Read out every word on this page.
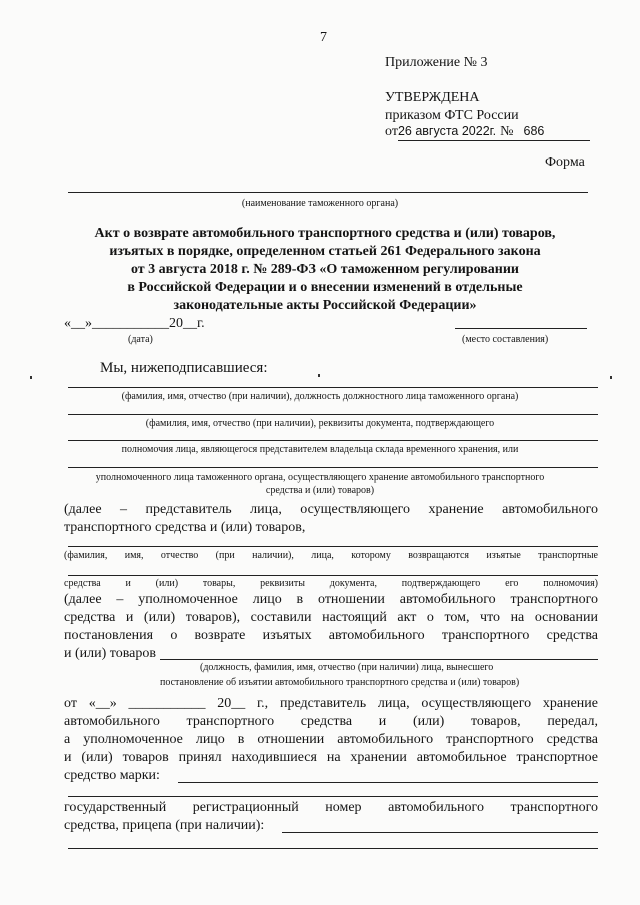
7
Приложение № 3
УТВЕРЖДЕНА
приказом ФТС России
от26 августа 2022г. № 686
Форма
(наименование таможенного органа)
Акт о возврате автомобильного транспортного средства и (или) товаров,
изъятых в порядке, определенном статьей 261 Федерального закона
от 3 августа 2018 г. № 289-ФЗ «О таможенном регулировании
в Российской Федерации и о внесении изменений в отдельные
законодательные акты Российской Федерации»
«__»___________20__г.
(дата)	(место составления)
Мы, нижеподписавшиеся:
(фамилия, имя, отчество (при наличии), должность должностного лица таможенного органа)
(фамилия, имя, отчество (при наличии), реквизиты документа, подтверждающего
полномочия лица, являющегося представителем владельца склада временного хранения, или
уполномоченного лица таможенного органа, осуществляющего хранение автомобильного транспортного
средства и (или) товаров)
(далее – представитель лица, осуществляющего хранение автомобильного
транспортного средства и (или) товаров,
(фамилия, имя, отчество (при наличии), лица, которому возвращаются изъятые транспортные
средства и (или) товары, реквизиты документа, подтверждающего его полномочия)
(далее – уполномоченное лицо в отношении автомобильного транспортного
средства и (или) товаров), составили настоящий акт о том, что на основании
постановления о возврате изъятых автомобильного транспортного средства
и (или) товаров
(должность, фамилия, имя, отчество (при наличии) лица, вынесшего
постановление об изъятии автомобильного транспортного средства и (или) товаров)
от «__» ___________ 20__ г., представитель лица, осуществляющего хранение
автомобильного транспортного средства и (или) товаров, передал,
а уполномоченное лицо в отношении автомобильного транспортного средства
и (или) товаров принял находившиеся на хранении автомобильное транспортное
средство марки:
государственный регистрационный номер автомобильного транспортного
средства, прицепа (при наличии):
